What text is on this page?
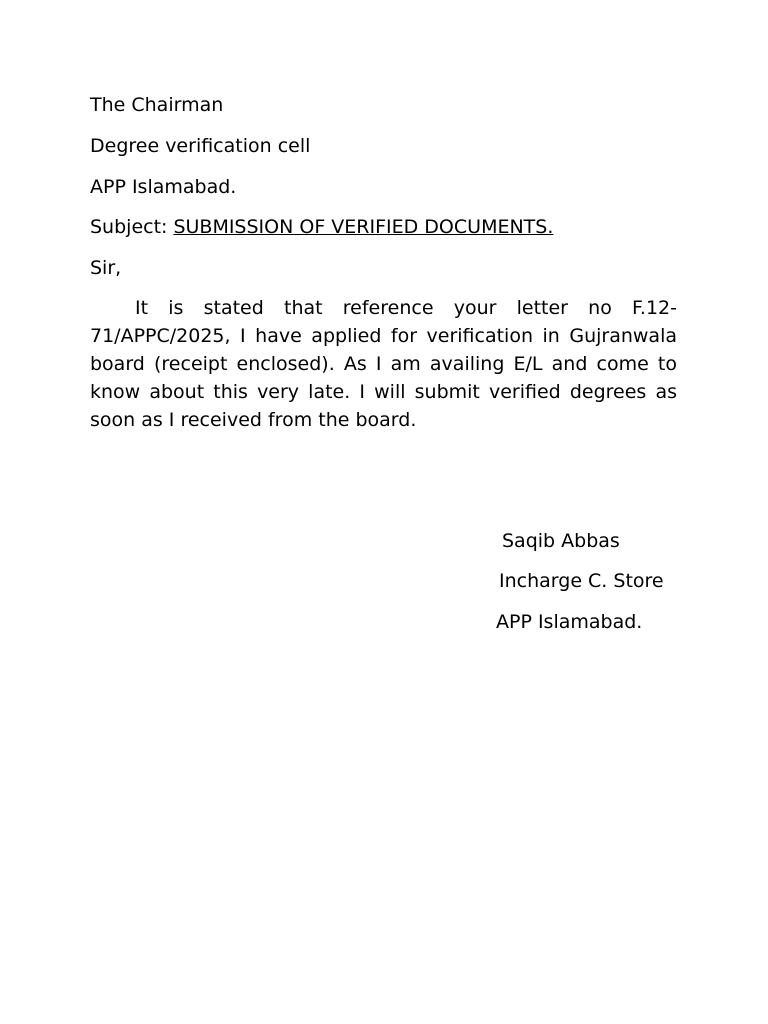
The Chairman

Degree verification cell

APP Islamabad.

Subject: SUBMISSION OF VERIFIED DOCUMENTS.

Sir,

It is stated that reference your letter no F.12-71/APPC/2025, I have applied for verification in Gujranwala board (receipt enclosed). As I am availing E/L and come to know about this very late. I will submit verified degrees as soon as I received from the board.

Saqib Abbas

Incharge C. Store

APP Islamabad.
